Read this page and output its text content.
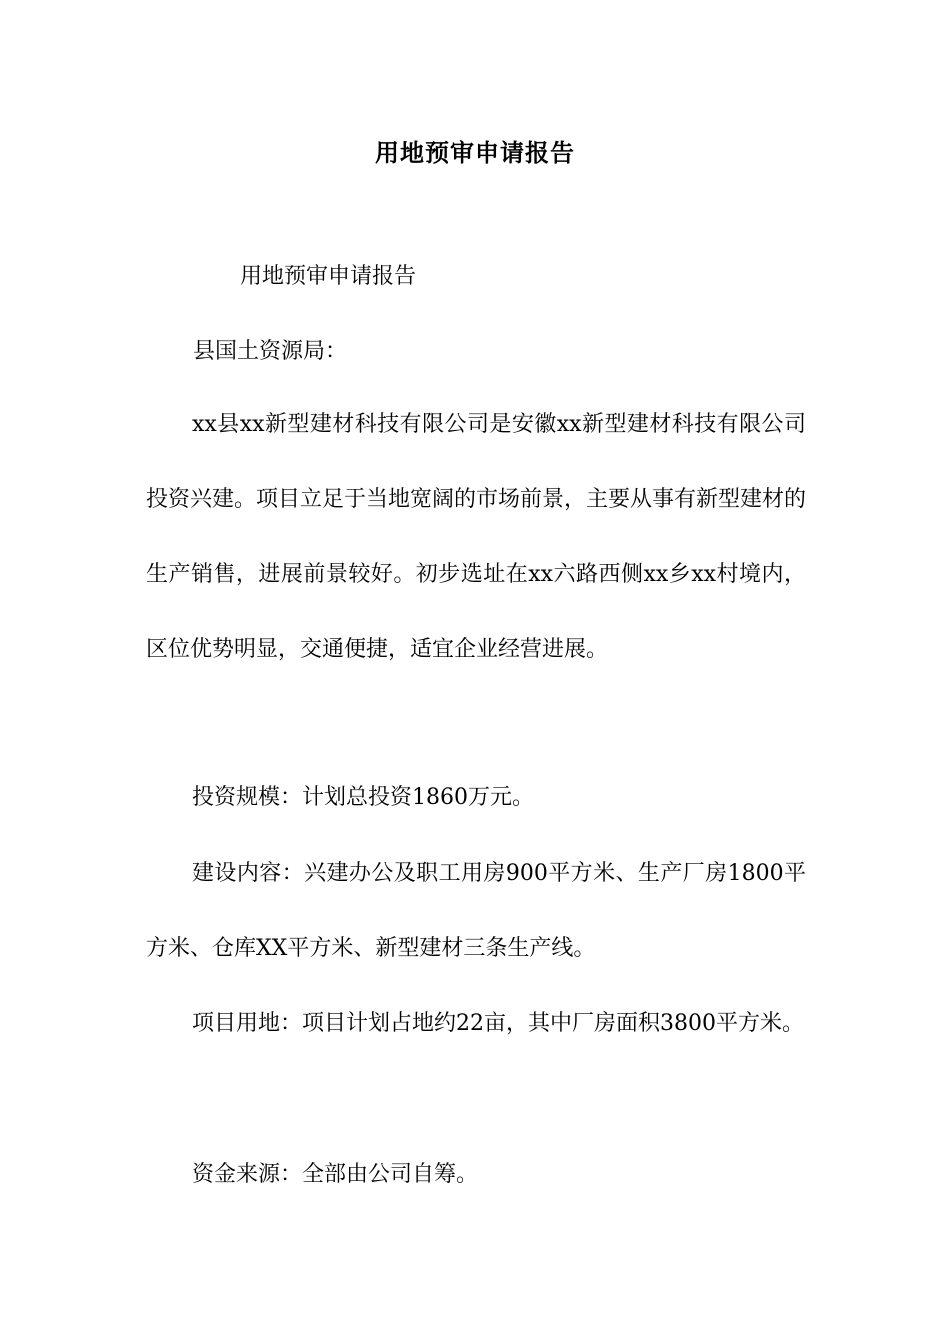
用地预审申请报告
用地预审申请报告
县国土资源局：

xx县xx新型建材科技有限公司是安徽xx新型建材科技有限公司投资兴建。项目立足于当地宽阔的市场前景，主要从事有新型建材的生产销售，进展前景较好。初步选址在xx六路西侧xx乡xx村境内，区位优势明显，交通便捷，适宜企业经营进展。

投资规模：计划总投资1860万元。

建设内容：兴建办公及职工用房900平方米、生产厂房1800平方米、仓库XX平方米、新型建材三条生产线。

项目用地：项目计划占地约22亩，其中厂房面积3800平方米。

资金来源：全部由公司自筹。
